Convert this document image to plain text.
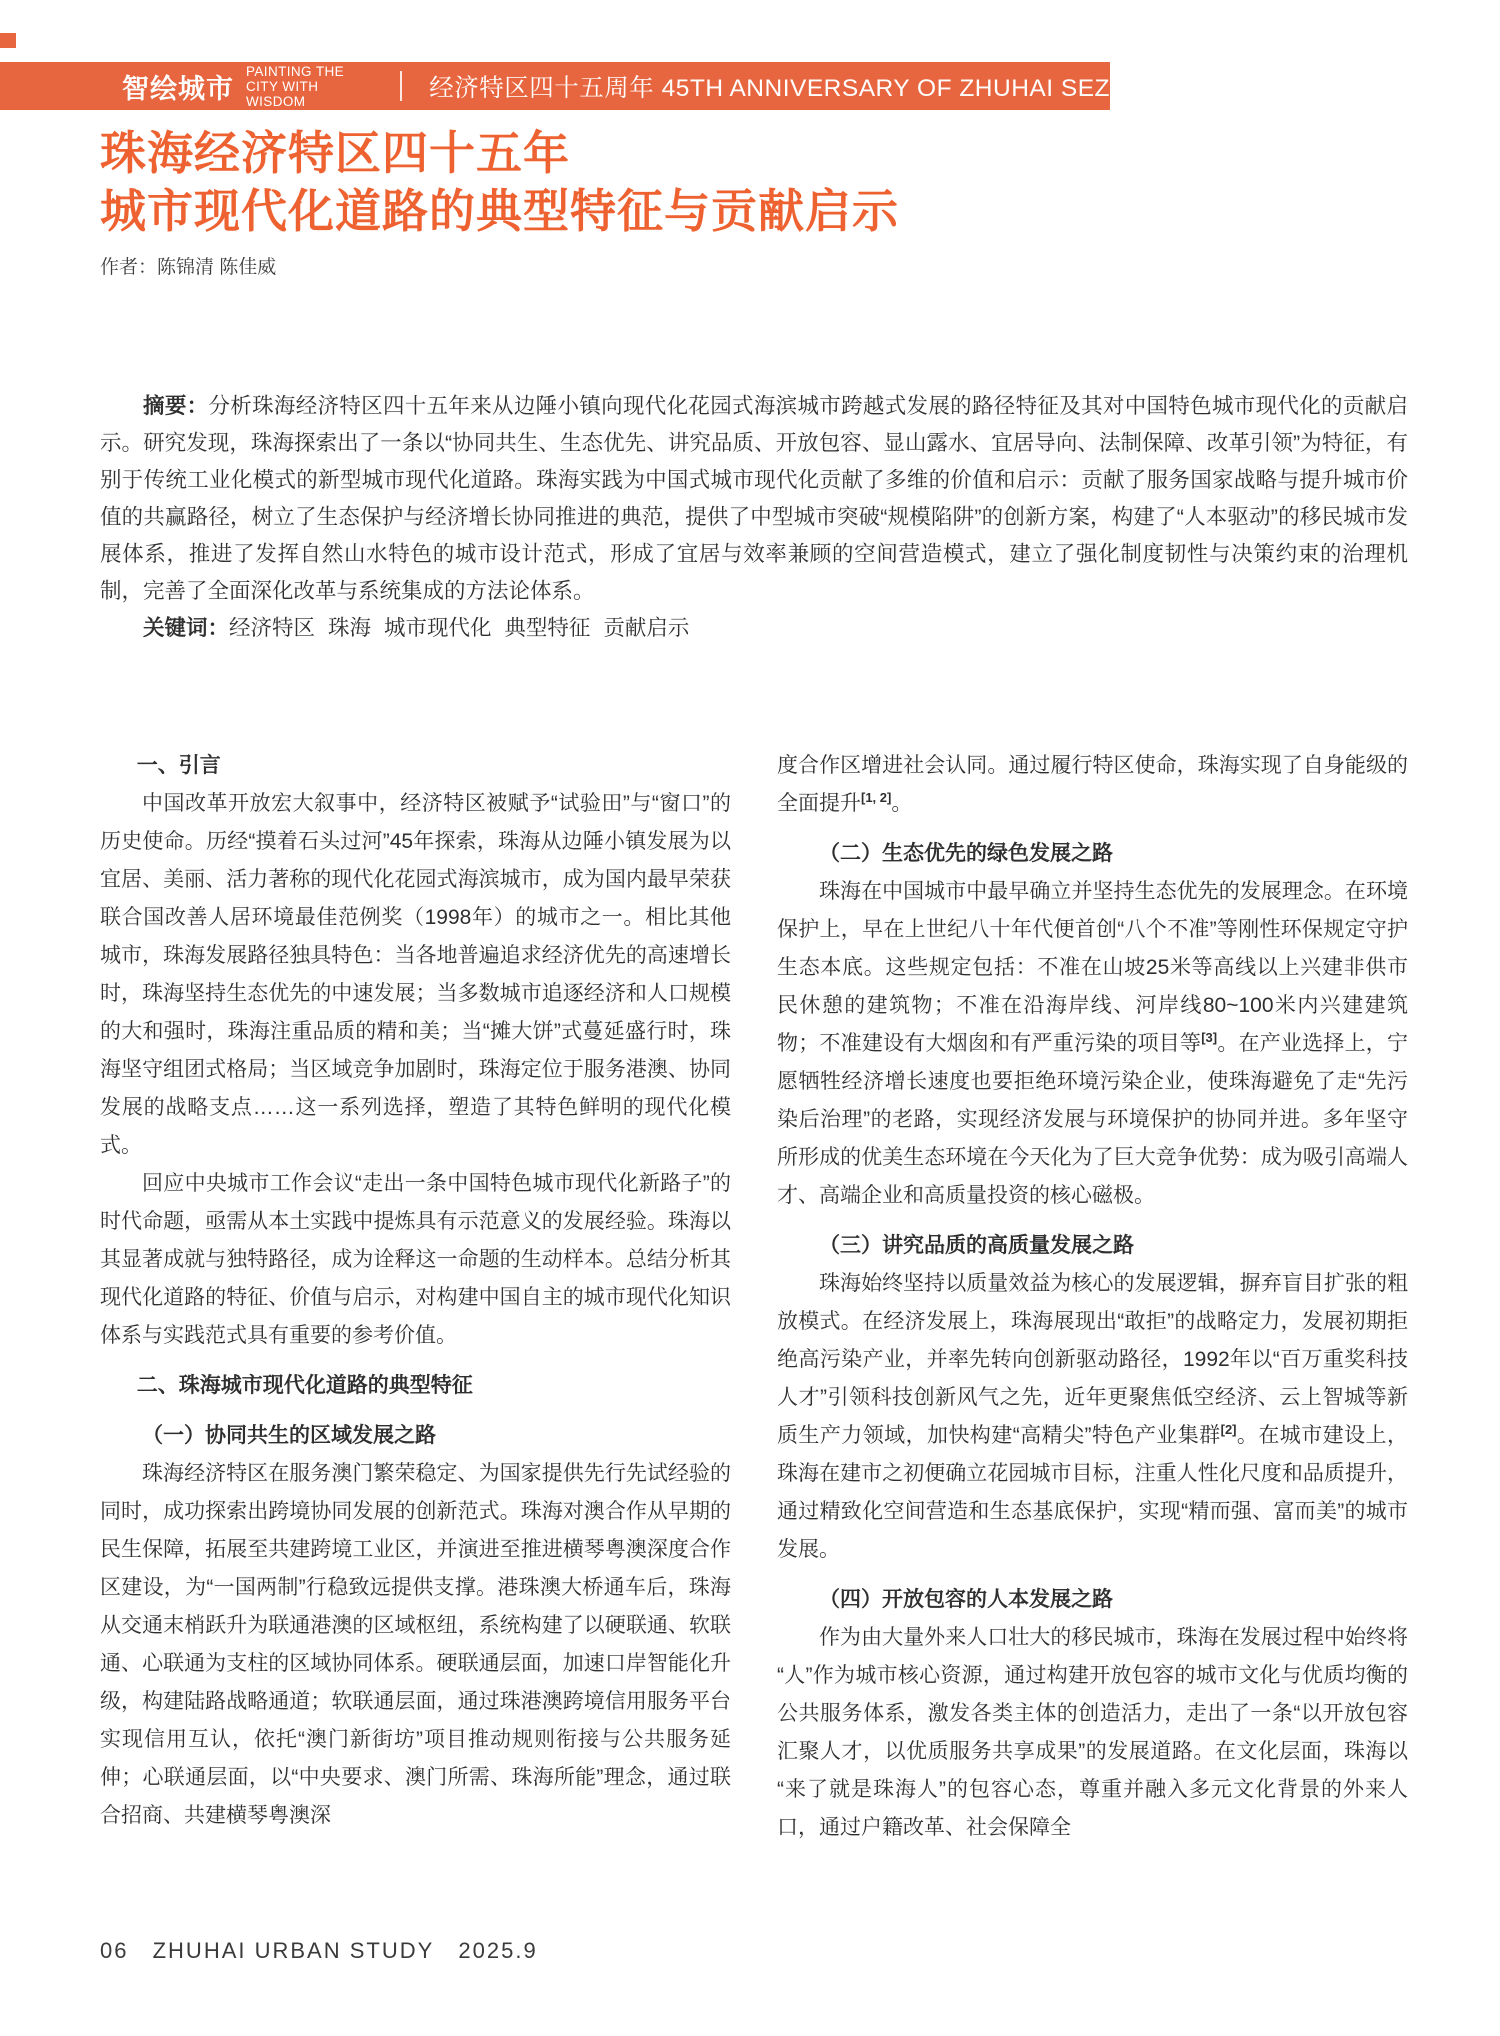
智绘城市
PAINTING THE
CITY WITH WISDOM	经济特区四十五周年 45TH ANNIVERSARY OF ZHUHAI SEZ
珠海经济特区四十五年
城市现代化道路的典型特征与贡献启示
作者：陈锦清 陈佳威

摘要：分析珠海经济特区四十五年来从边陲小镇向现代化花园式海滨城市跨越式发展的路径特征及其对中国特色城市现代化的贡献启示。研究发现，珠海探索出了一条以“协同共生、生态优先、讲究品质、开放包容、显山露水、宜居导向、法制保障、改革引领”为特征，有别于传统工业化模式的新型城市现代化道路。珠海实践为中国式城市现代化贡献了多维的价值和启示：贡献了服务国家战略与提升城市价值的共赢路径，树立了生态保护与经济增长协同推进的典范，提供了中型城市突破“规模陷阱”的创新方案，构建了“人本驱动”的移民城市发展体系，推进了发挥自然山水特色的城市设计范式，形成了宜居与效率兼顾的空间营造模式，建立了强化制度韧性与决策约束的治理机制，完善了全面深化改革与系统集成的方法论体系。

关键词：经济特区 珠海 城市现代化 典型特征 贡献启示

一、引言

中国改革开放宏大叙事中，经济特区被赋予“试验田”与“窗口”的历史使命。历经“摸着石头过河”45年探索，珠海从边陲小镇发展为以宜居、美丽、活力著称的现代化花园式海滨城市，成为国内最早荣获联合国改善人居环境最佳范例奖（1998年）的城市之一。相比其他城市，珠海发展路径独具特色：当各地普遍追求经济优先的高速增长时，珠海坚持生态优先的中速发展；当多数城市追逐经济和人口规模的大和强时，珠海注重品质的精和美；当“摊大饼”式蔓延盛行时，珠海坚守组团式格局；当区域竞争加剧时，珠海定位于服务港澳、协同发展的战略支点……这一系列选择，塑造了其特色鲜明的现代化模式。

回应中央城市工作会议“走出一条中国特色城市现代化新路子”的时代命题，亟需从本土实践中提炼具有示范意义的发展经验。珠海以其显著成就与独特路径，成为诠释这一命题的生动样本。总结分析其现代化道路的特征、价值与启示，对构建中国自主的城市现代化知识体系与实践范式具有重要的参考价值。

二、珠海城市现代化道路的典型特征
（一）协同共生的区域发展之路

珠海经济特区在服务澳门繁荣稳定、为国家提供先行先试经验的同时，成功探索出跨境协同发展的创新范式。珠海对澳合作从早期的民生保障，拓展至共建跨境工业区，并演进至推进横琴粤澳深度合作区建设，为“一国两制”行稳致远提供支撑。港珠澳大桥通车后，珠海从交通末梢跃升为联通港澳的区域枢纽，系统构建了以硬联通、软联通、心联通为支柱的区域协同体系。硬联通层面，加速口岸智能化升级，构建陆路战略通道；软联通层面，通过珠港澳跨境信用服务平台实现信用互认，依托“澳门新街坊”项目推动规则衔接与公共服务延伸；心联通层面，以“中央要求、澳门所需、珠海所能”理念，通过联合招商、共建横琴粤澳深

度合作区增进社会认同。通过履行特区使命，珠海实现了自身能级的全面提升[1, 2]。

（二）生态优先的绿色发展之路

珠海在中国城市中最早确立并坚持生态优先的发展理念。在环境保护上，早在上世纪八十年代便首创“八个不准”等刚性环保规定守护生态本底。这些规定包括：不准在山坡25米等高线以上兴建非供市民休憩的建筑物；不准在沿海岸线、河岸线80~100米内兴建建筑物；不准建设有大烟囱和有严重污染的项目等[3]。在产业选择上，宁愿牺牲经济增长速度也要拒绝环境污染企业，使珠海避免了走“先污染后治理”的老路，实现经济发展与环境保护的协同并进。多年坚守所形成的优美生态环境在今天化为了巨大竞争优势：成为吸引高端人才、高端企业和高质量投资的核心磁极。

（三）讲究品质的高质量发展之路

珠海始终坚持以质量效益为核心的发展逻辑，摒弃盲目扩张的粗放模式。在经济发展上，珠海展现出“敢拒”的战略定力，发展初期拒绝高污染产业，并率先转向创新驱动路径，1992年以“百万重奖科技人才”引领科技创新风气之先，近年更聚焦低空经济、云上智城等新质生产力领域，加快构建“高精尖”特色产业集群[2]。在城市建设上，珠海在建市之初便确立花园城市目标，注重人性化尺度和品质提升，通过精致化空间营造和生态基底保护，实现“精而强、富而美”的城市发展。

（四）开放包容的人本发展之路

作为由大量外来人口壮大的移民城市，珠海在发展过程中始终将“人”作为城市核心资源，通过构建开放包容的城市文化与优质均衡的公共服务体系，激发各类主体的创造活力，走出了一条“以开放包容汇聚人才，以优质服务共享成果”的发展道路。在文化层面，珠海以“来了就是珠海人”的包容心态，尊重并融入多元文化背景的外来人口，通过户籍改革、社会保障全

06 ZHUHAI URBAN STUDY 2025.9
